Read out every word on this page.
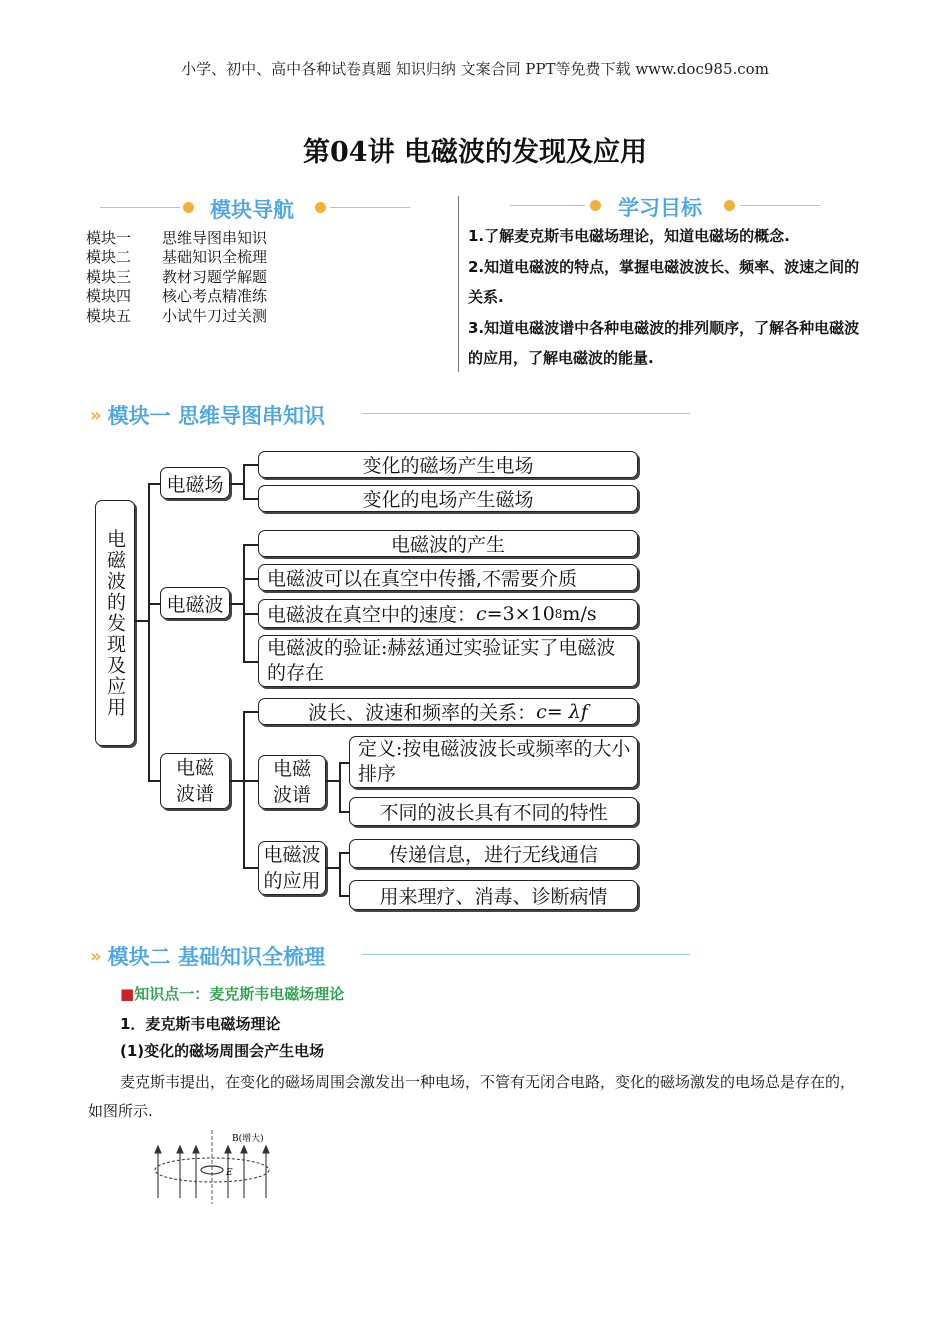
小学、初中、高中各种试卷真题 知识归纳 文案合同 PPT等免费下载 www.doc985.com
第04讲 电磁波的发现及应用
模块导航
模块一 思维导图串知识
模块二 基础知识全梳理
模块三 教材习题学解题
模块四 核心考点精准练
模块五 小试牛刀过关测
学习目标
1.了解麦克斯韦电磁场理论，知道电磁场的概念.
2.知道电磁波的特点，掌握电磁波波长、频率、波速之间的关系.
3.知道电磁波谱中各种电磁波的排列顺序，了解各种电磁波的应用，了解电磁波的能量.
» 模块一 思维导图串知识
电磁波的发现及应用
电磁场
变化的磁场产生电场
变化的电场产生磁场
电磁波
电磁波的产生
电磁波可以在真空中传播,不需要介质
电磁波在真空中的速度： c =3×10 8 m/s
电磁波的验证:赫兹通过实验证实了电磁波的存在
电磁波谱
波长、波速和频率的关系： c= λf
电磁波谱
定义:按电磁波波长或频率的大小排序
不同的波长具有不同的特性
电磁波的应用
传递信息，进行无线通信
用来理疗、消毒、诊断病情
» 模块二 基础知识全梳理
■知识点一：麦克斯韦电磁场理论
1．麦克斯韦电磁场理论
(1)变化的磁场周围会产生电场
麦克斯韦提出，在变化的磁场周围会激发出一种电场，不管有无闭合电路，变化的磁场激发的电场总是存在的，如图所示.
B(增大)
E
